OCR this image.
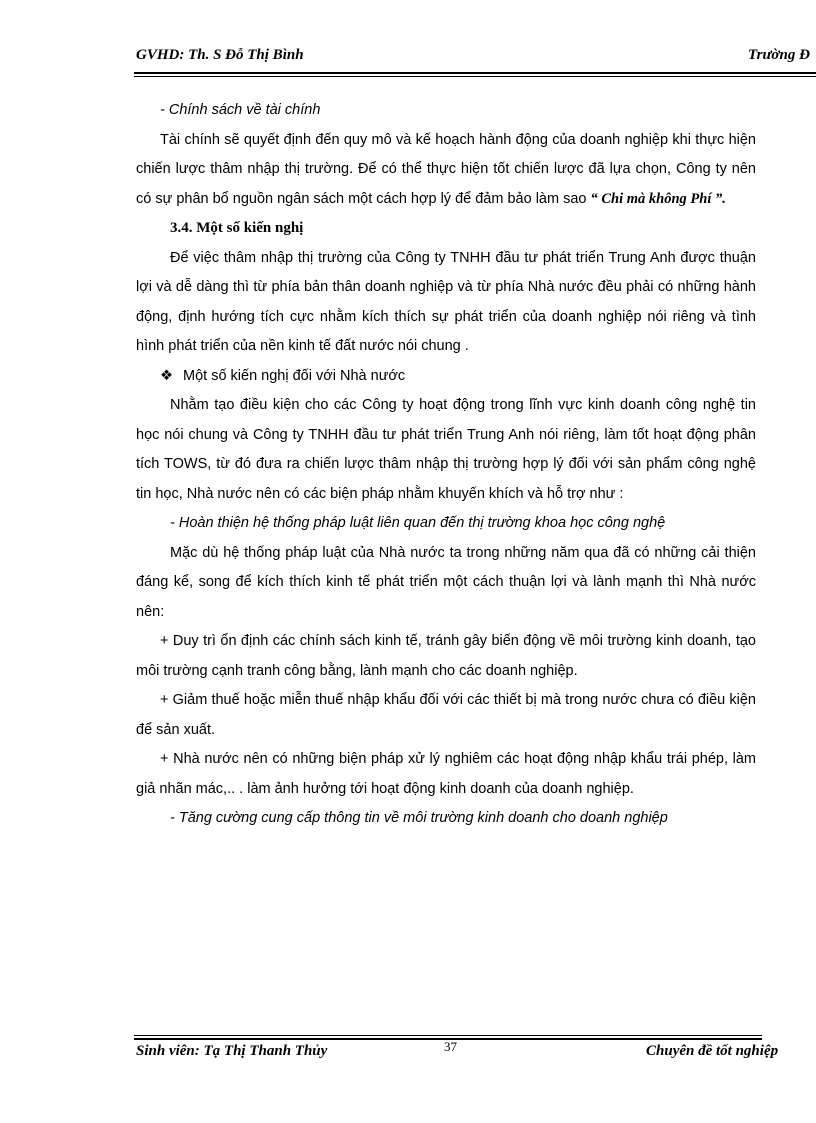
GVHD: Th. S Đỗ Thị Bình	Trường Đ

- Chính sách về tài chính

Tài chính sẽ quyết định đến quy mô và kế hoạch hành động của doanh nghiệp khi thực hiện chiến lược thâm nhập thị trường. Để có thể thực hiện tốt chiến lược đã lựa chọn, Công ty nên có sự phân bổ nguồn ngân sách một cách hợp lý để đảm bảo làm sao “ Chi mà không Phí ”.

3.4. Một số kiến nghị

Để việc thâm nhập thị trường của Công ty TNHH đầu tư phát triển Trung Anh được thuận lợi và dễ dàng thì từ phía bản thân doanh nghiệp và từ phía Nhà nước đều phải có những hành động, định hướng tích cực nhằm kích thích sự phát triển của doanh nghiệp nói riêng và tình hình phát triển của nền kinh tế đất nước nói chung .

❖ Một số kiến nghị đối với Nhà nước

Nhằm tạo điều kiện cho các Công ty hoạt động trong lĩnh vực kinh doanh công nghệ tin học nói chung và Công ty TNHH đầu tư phát triển Trung Anh nói riêng, làm tốt hoạt động phân tích TOWS, từ đó đưa ra chiến lược thâm nhập thị trường hợp lý đối với sản phẩm công nghệ tin học, Nhà nước nên có các biện pháp nhằm khuyến khích và hỗ trợ như :

- Hoàn thiện hệ thống pháp luật liên quan đến thị trường khoa học công nghệ

Mặc dù hệ thống pháp luật của Nhà nước ta trong những năm qua đã có những cải thiện đáng kể, song để kích thích kinh tế phát triển một cách thuận lợi và lành mạnh thì Nhà nước nên:

+ Duy trì ổn định các chính sách kinh tế, tránh gây biến động về môi trường kinh doanh, tạo môi trường cạnh tranh công bằng, lành mạnh cho các doanh nghiệp.

+ Giảm thuế hoặc miễn thuế nhập khẩu đối với các thiết bị mà trong nước chưa có điều kiện để sản xuất.

+ Nhà nước nên có những biện pháp xử lý nghiêm các hoạt động nhập khẩu trái phép, làm giả nhãn mác,.. . làm ảnh hưởng tới hoạt động kinh doanh của doanh nghiệp.

- Tăng cường cung cấp thông tin về môi trường kinh doanh cho doanh nghiệp

Sinh viên: Tạ Thị Thanh Thủy	37	Chuyên đề tốt nghiệp
